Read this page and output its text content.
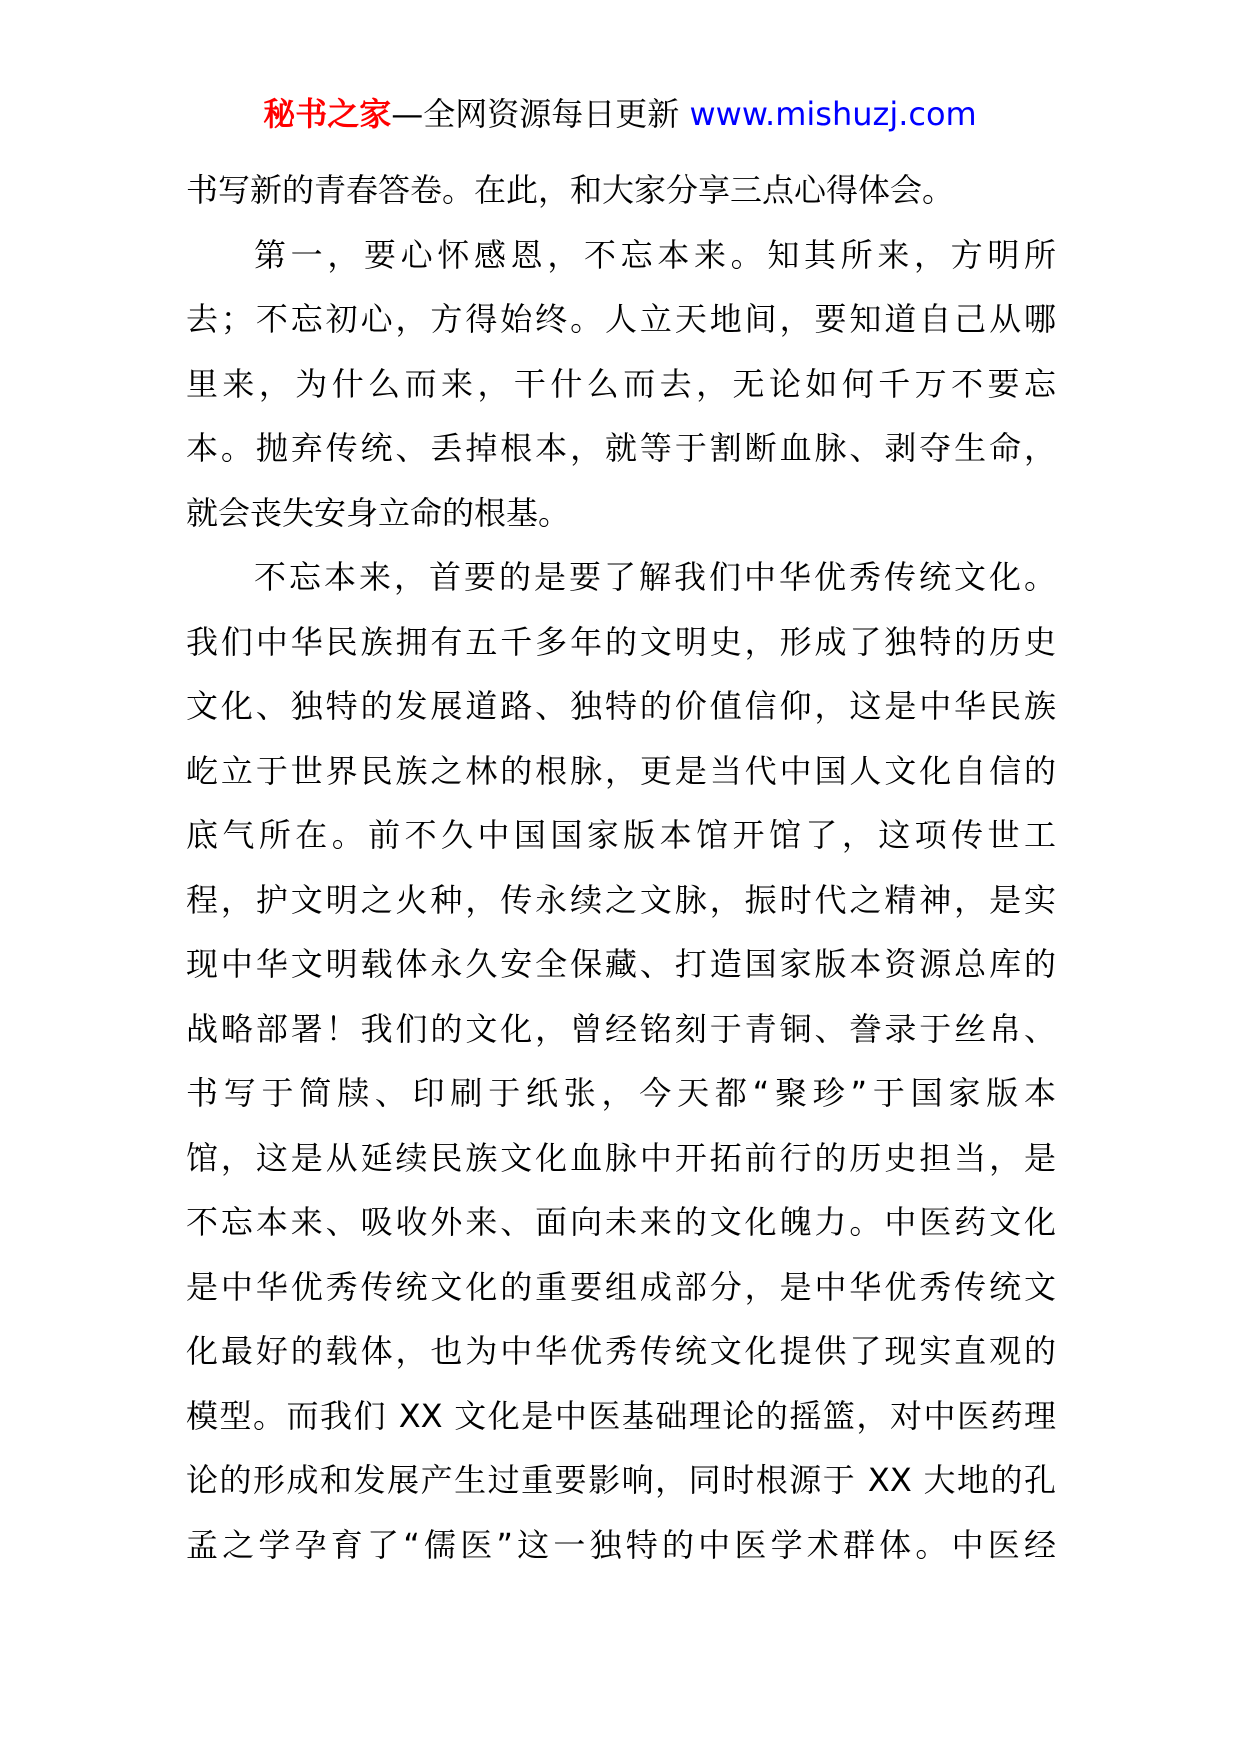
秘书之家—全网资源每日更新 www.mishuzj.com
书写新的青春答卷。在此，和大家分享三点心得体会。
第一，要心怀感恩，不忘本来。知其所来，方明所
去；不忘初心，方得始终。人立天地间，要知道自己从哪
里来，为什么而来，干什么而去，无论如何千万不要忘
本。抛弃传统、丢掉根本，就等于割断血脉、剥夺生命，
就会丧失安身立命的根基。
不忘本来，首要的是要了解我们中华优秀传统文化。
我们中华民族拥有五千多年的文明史，形成了独特的历史
文化、独特的发展道路、独特的价值信仰，这是中华民族
屹立于世界民族之林的根脉，更是当代中国人文化自信的
底气所在。前不久中国国家版本馆开馆了，这项传世工
程，护文明之火种，传永续之文脉，振时代之精神，是实
现中华文明载体永久安全保藏、打造国家版本资源总库的
战略部署！我们的文化，曾经铭刻于青铜、誊录于丝帛、
书写于简牍、印刷于纸张，今天都“聚珍”于国家版本
馆，这是从延续民族文化血脉中开拓前行的历史担当，是
不忘本来、吸收外来、面向未来的文化魄力。中医药文化
是中华优秀传统文化的重要组成部分，是中华优秀传统文
化最好的载体，也为中华优秀传统文化提供了现实直观的
模型。而我们 XX 文化是中医基础理论的摇篮，对中医药理
论的形成和发展产生过重要影响，同时根源于 XX 大地的孔
孟之学孕育了“儒医”这一独特的中医学术群体。中医经
